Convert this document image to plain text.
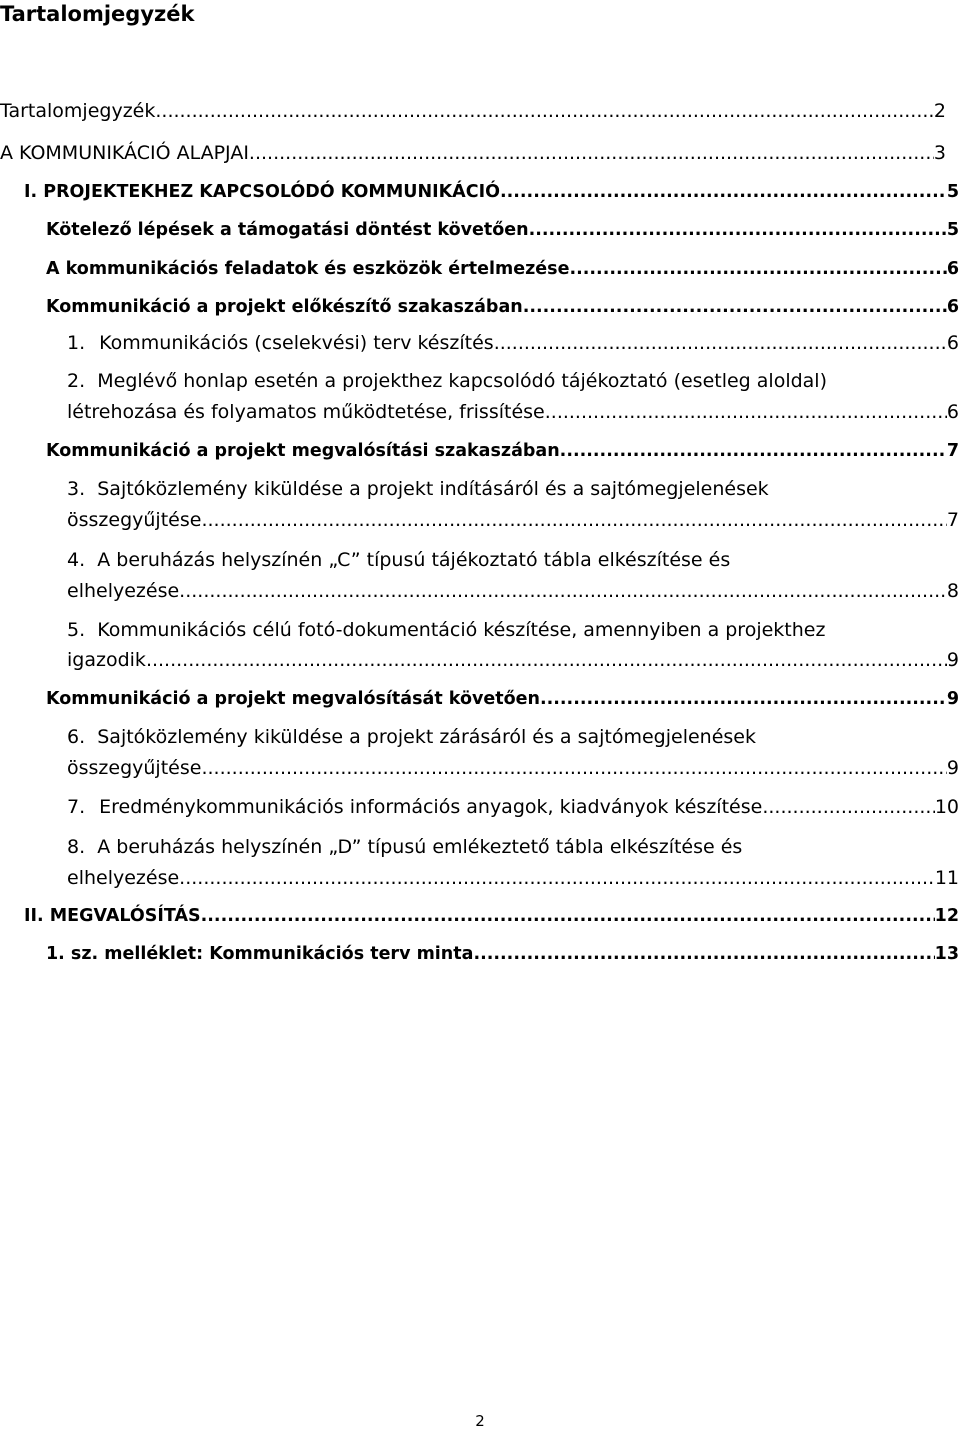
Tartalomjegyzék
Tartalomjegyzék .....	2
A KOMMUNIKÁCIÓ ALAPJAI .....	3
I. PROJEKTEKHEZ KAPCSOLÓDÓ KOMMUNIKÁCIÓ .....	5
Kötelező lépések a támogatási döntést követően .....	5
A kommunikációs feladatok és eszközök értelmezése .....	6
Kommunikáció a projekt előkészítő szakaszában .....	6
1. Kommunikációs (cselekvési) terv készítés .....	6
2. Meglévő honlap esetén a projekthez kapcsolódó tájékoztató (esetleg aloldal)
létrehozása és folyamatos működtetése, frissítése .....	6
Kommunikáció a projekt megvalósítási szakaszában .....	7
3. Sajtóközlemény kiküldése a projekt indításáról és a sajtómegjelenések
összegyűjtése .....	7
4. A beruházás helyszínén „C” típusú tájékoztató tábla elkészítése és
elhelyezése .....	8
5. Kommunikációs célú fotó-dokumentáció készítése, amennyiben a projekthez
igazodik .....	9
Kommunikáció a projekt megvalósítását követően .....	9
6. Sajtóközlemény kiküldése a projekt zárásáról és a sajtómegjelenések
összegyűjtése .....	9
7. Eredménykommunikációs információs anyagok, kiadványok készítése .....	10
8. A beruházás helyszínén „D” típusú emlékeztető tábla elkészítése és
elhelyezése .....	11
II. MEGVALÓSÍTÁS .....	12
1. sz. melléklet: Kommunikációs terv minta .....	13
2
